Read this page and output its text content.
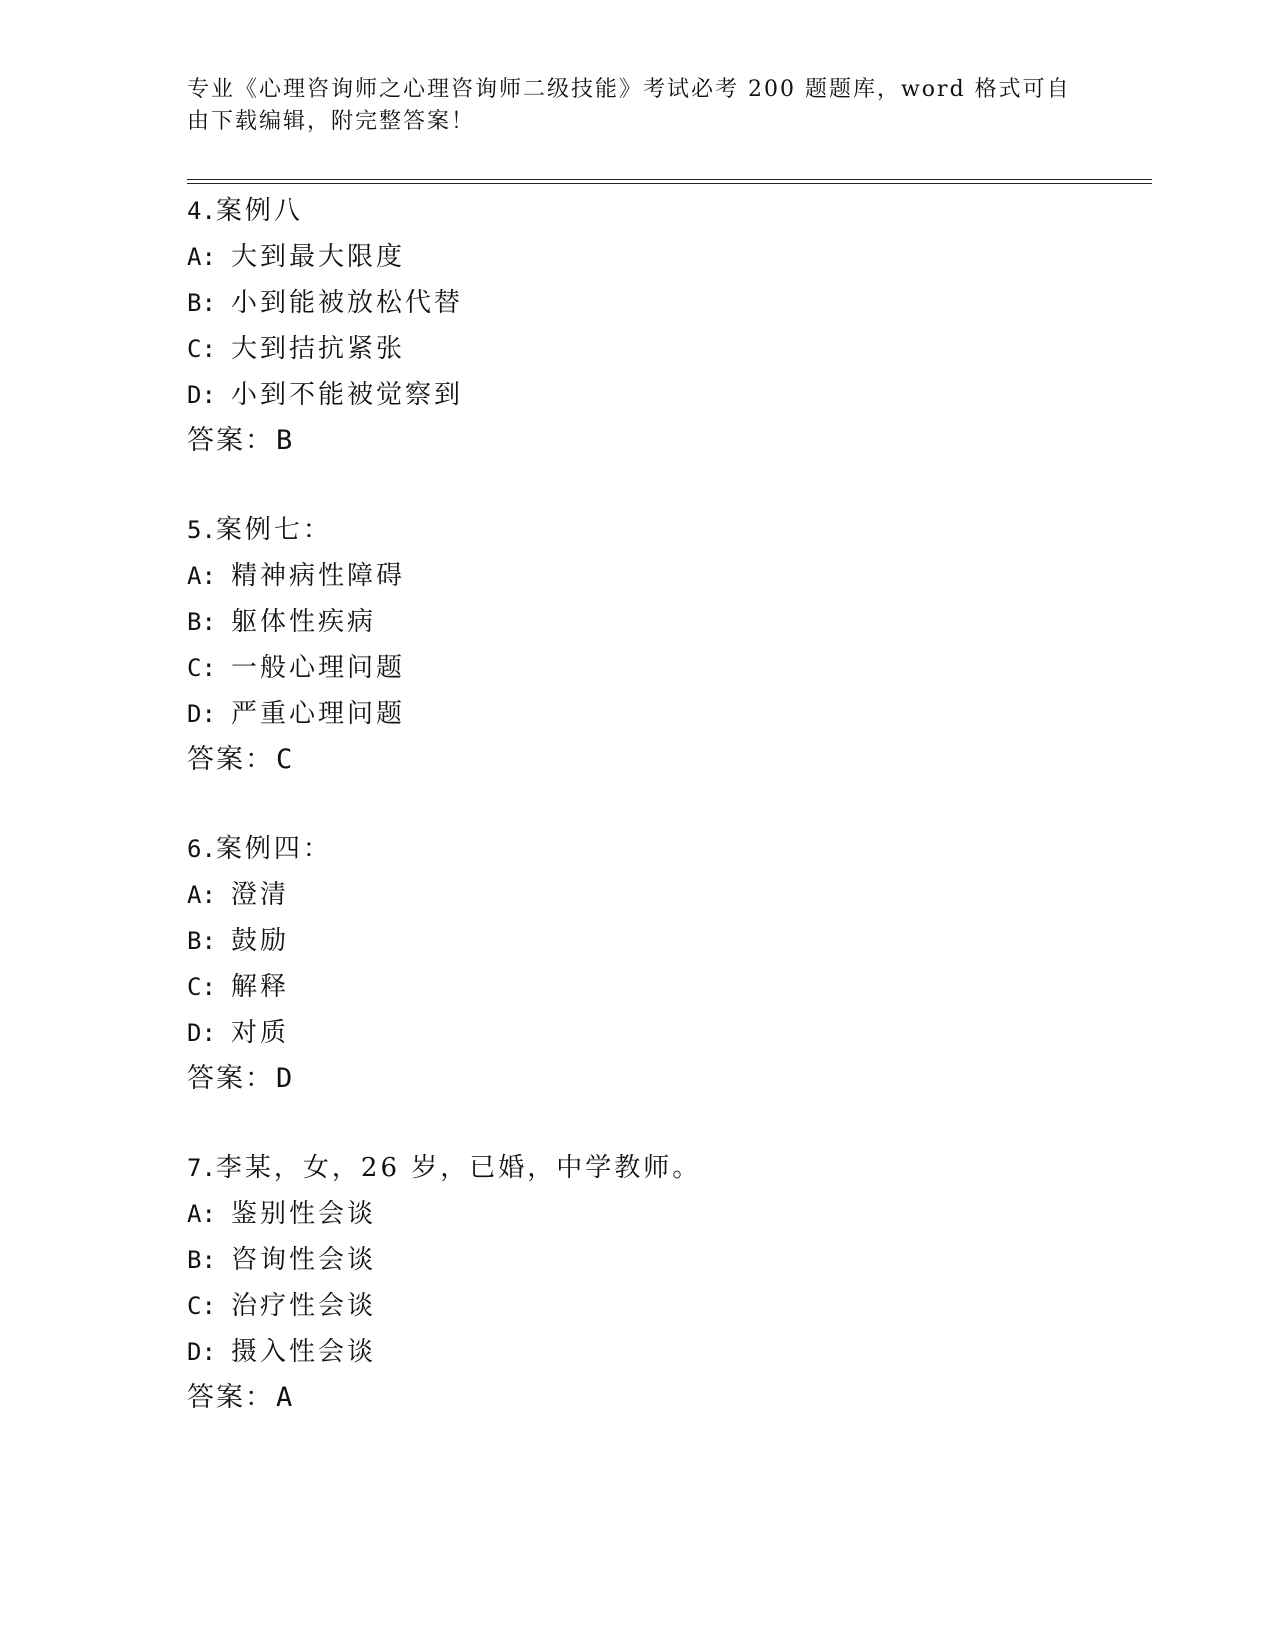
专业《心理咨询师之心理咨询师二级技能》考试必考 200 题题库，word 格式可自
由下载编辑，附完整答案！
4. 案例八
A: 大到最大限度
B: 小到能被放松代替
C: 大到拮抗紧张
D: 小到不能被觉察到
答案： B
5. 案例七：
A: 精神病性障碍
B: 躯体性疾病
C: 一般心理问题
D: 严重心理问题
答案： C
6. 案例四：
A: 澄清
B: 鼓励
C: 解释
D: 对质
答案： D
7. 李某，女，26 岁，已婚，中学教师。
A: 鉴别性会谈
B: 咨询性会谈
C: 治疗性会谈
D: 摄入性会谈
答案： A
